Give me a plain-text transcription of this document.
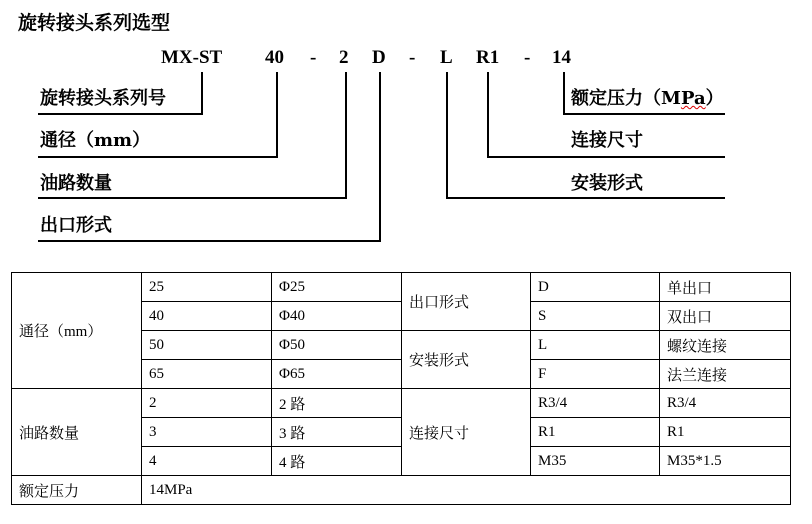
旋转接头系列选型
MX-ST 40 - 2 D - L R1 - 14
旋转接头系列号
通径（mm）
油路数量
出口形式
额定压力（MPa）
连接尺寸
安装形式
通径（mm）	25	Φ25	出口形式	D	单出口
	40	Φ40		S	双出口
	50	Φ50	安装形式	L	螺纹连接
	65	Φ65		F	法兰连接
油路数量	2	2 路	连接尺寸	R3/4	R3/4
	3	3 路		R1	R1
	4	4 路		M35	M35*1.5
额定压力	14MPa				
